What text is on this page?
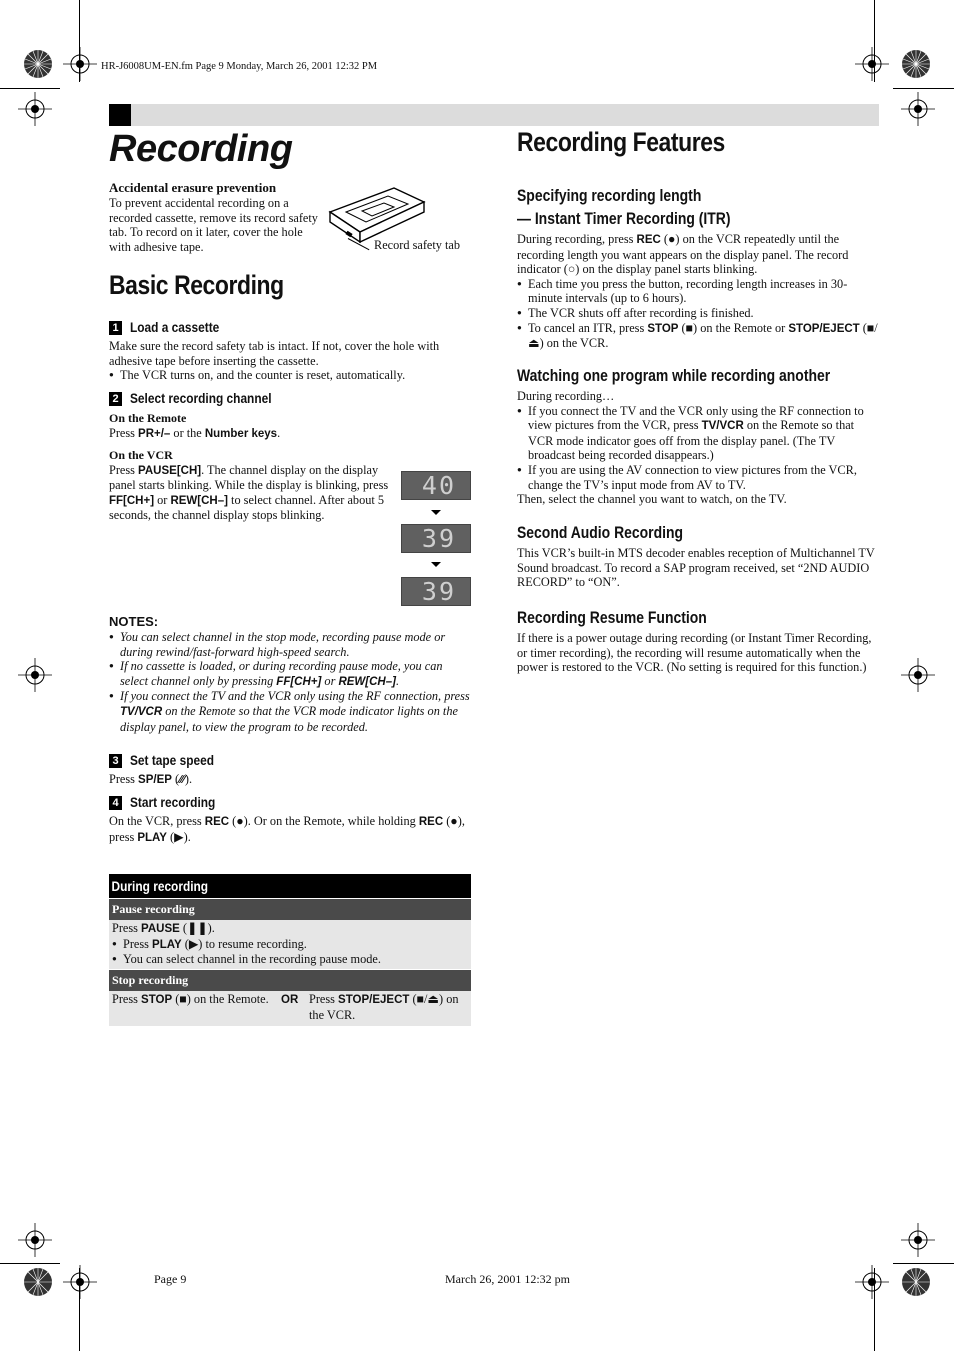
HR-J6008UM-EN.fm Page 9 Monday, March 26, 2001 12:32 PM
Recording
Accidental erasure prevention
To prevent accidental recording on a recorded cassette, remove its record safety tab. To record on it later, cover the hole with adhesive tape.	Record safety tab
Basic Recording
1 Load a cassette
Make sure the record safety tab is intact. If not, cover the hole with adhesive tape before inserting the cassette.
● The VCR turns on, and the counter is reset, automatically.
2 Select recording channel
On the Remote
Press PR+/– or the Number keys.
On the VCR
Press PAUSE[CH]. The channel display on the display panel starts blinking. While the display is blinking, press FF[CH+] or REW[CH–] to select channel. After about 5 seconds, the channel display stops blinking.
40
39
39
NOTES:
● You can select channel in the stop mode, recording pause mode or during rewind/fast-forward high-speed search.
● If no cassette is loaded, or during recording pause mode, you can select channel only by pressing FF[CH+] or REW[CH–].
● If you connect the TV and the VCR only using the RF connection, press TV/VCR on the Remote so that the VCR mode indicator lights on the display panel, to view the program to be recorded.
3 Set tape speed
Press SP/EP (∕∕∕).
4 Start recording
On the VCR, press REC (●). Or on the Remote, while holding REC (●), press PLAY (▶).
During recording
Pause recording
Press PAUSE (❚❚).
● Press PLAY (▶) to resume recording.
● You can select channel in the recording pause mode.
Stop recording
Press STOP (■) on the Remote. OR Press STOP/EJECT (■/⏏) on the VCR.
Recording Features
Specifying recording length
— Instant Timer Recording (ITR)
During recording, press REC (●) on the VCR repeatedly until the recording length you want appears on the display panel. The record indicator (○) on the display panel starts blinking.
● Each time you press the button, recording length increases in 30-minute intervals (up to 6 hours).
● The VCR shuts off after recording is finished.
● To cancel an ITR, press STOP (■) on the Remote or STOP/EJECT (■/⏏) on the VCR.
Watching one program while recording another
During recording…
● If you connect the TV and the VCR only using the RF connection to view pictures from the VCR, press TV/VCR on the Remote so that VCR mode indicator goes off from the display panel. (The TV broadcast being recorded disappears.)
● If you are using the AV connection to view pictures from the VCR, change the TV’s input mode from AV to TV.
Then, select the channel you want to watch, on the TV.
Second Audio Recording
This VCR’s built-in MTS decoder enables reception of Multichannel TV Sound broadcast. To record a SAP program received, set “2ND AUDIO RECORD” to “ON”.
Recording Resume Function
If there is a power outage during recording (or Instant Timer Recording, or timer recording), the recording will resume automatically when the power is restored to the VCR. (No setting is required for this function.)
Page 9	March 26, 2001 12:32 pm
